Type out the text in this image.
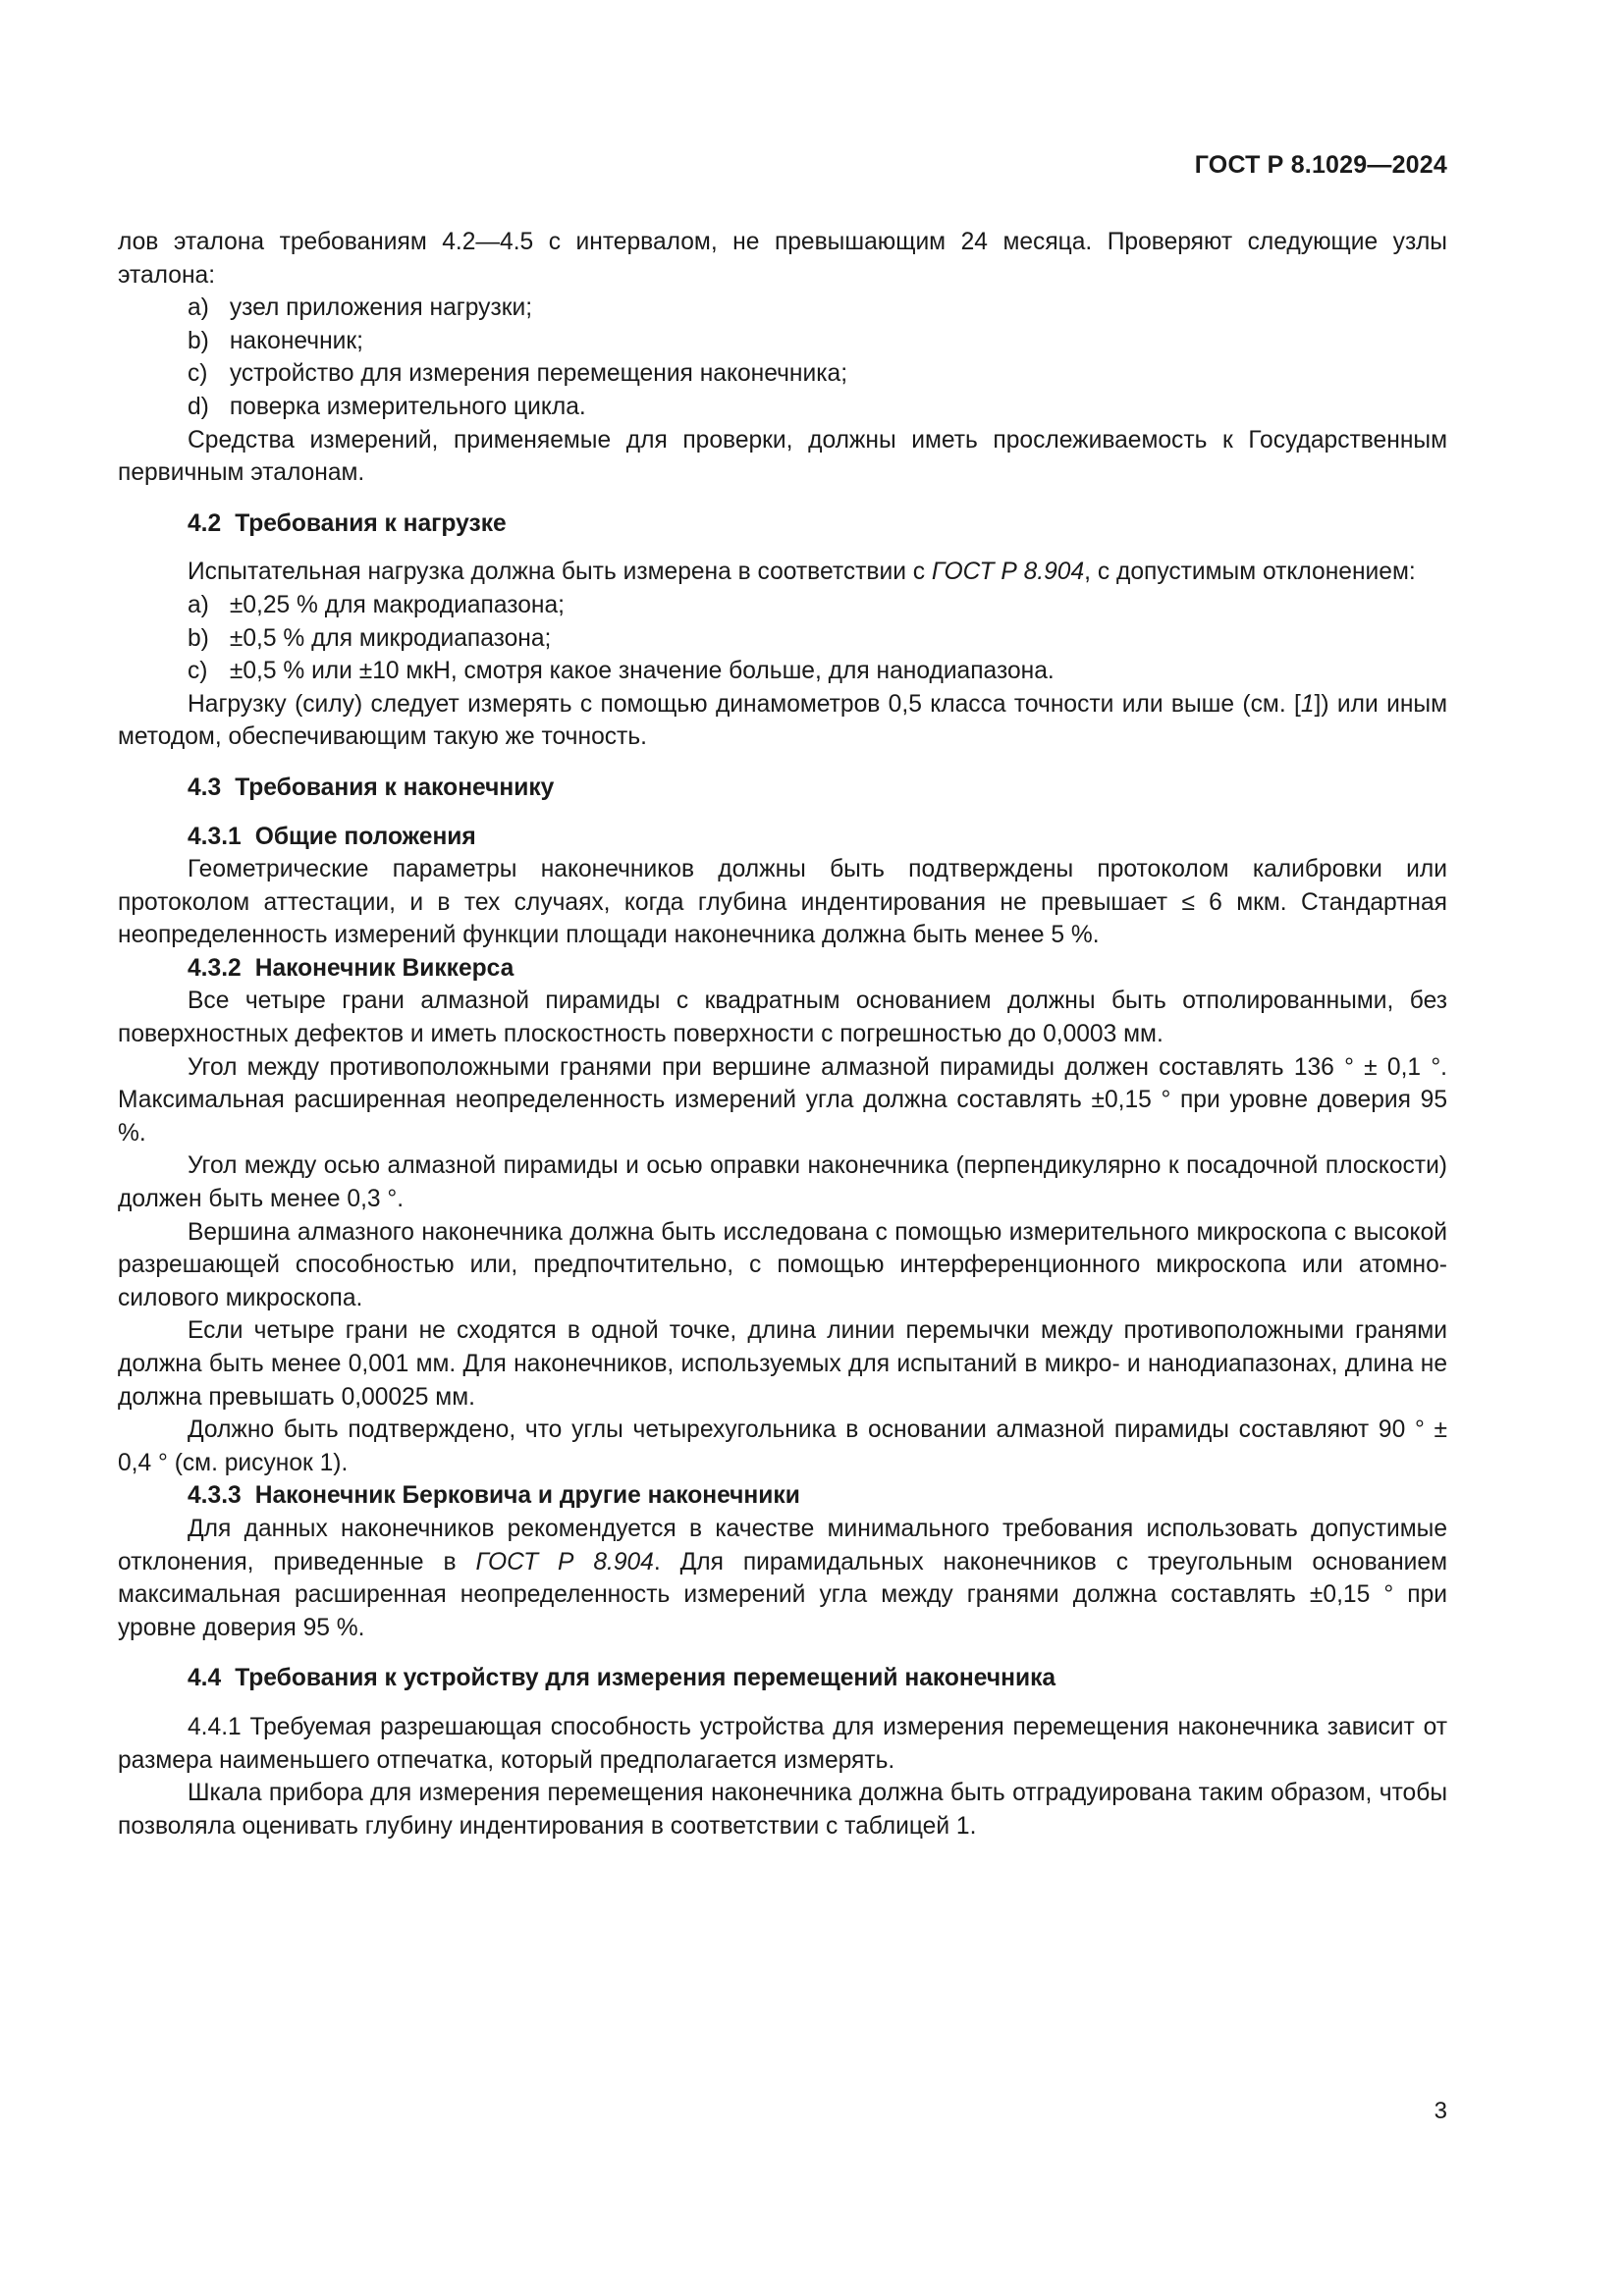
ГОСТ Р 8.1029—2024

лов эталона требованиям 4.2—4.5 с интервалом, не превышающим 24 месяца. Проверяют следующие узлы эталона:

a) узел приложения нагрузки;

b) наконечник;

c) устройство для измерения перемещения наконечника;

d) поверка измерительного цикла.

Средства измерений, применяемые для проверки, должны иметь прослеживаемость к Государственным первичным эталонам.

4.2 Требования к нагрузке

Испытательная нагрузка должна быть измерена в соответствии с ГОСТ Р 8.904, с допустимым отклонением:

a) ±0,25 % для макродиапазона;

b) ±0,5 % для микродиапазона;

c) ±0,5 % или ±10 мкН, смотря какое значение больше, для нанодиапазона.

Нагрузку (силу) следует измерять с помощью динамометров 0,5 класса точности или выше (см. [1]) или иным методом, обеспечивающим такую же точность.

4.3 Требования к наконечнику

4.3.1 Общие положения

Геометрические параметры наконечников должны быть подтверждены протоколом калибровки или протоколом аттестации, и в тех случаях, когда глубина индентирования не превышает ≤ 6 мкм. Стандартная неопределенность измерений функции площади наконечника должна быть менее 5 %.

4.3.2 Наконечник Виккерса

Все четыре грани алмазной пирамиды с квадратным основанием должны быть отполированными, без поверхностных дефектов и иметь плоскостность поверхности с погрешностью до 0,0003 мм.

Угол между противоположными гранями при вершине алмазной пирамиды должен составлять 136 ° ± 0,1 °. Максимальная расширенная неопределенность измерений угла должна составлять ±0,15 ° при уровне доверия 95 %.

Угол между осью алмазной пирамиды и осью оправки наконечника (перпендикулярно к посадочной плоскости) должен быть менее 0,3 °.

Вершина алмазного наконечника должна быть исследована с помощью измерительного микроскопа с высокой разрешающей способностью или, предпочтительно, с помощью интерференционного микроскопа или атомно-силового микроскопа.

Если четыре грани не сходятся в одной точке, длина линии перемычки между противоположными гранями должна быть менее 0,001 мм. Для наконечников, используемых для испытаний в микро- и нанодиапазонах, длина не должна превышать 0,00025 мм.

Должно быть подтверждено, что углы четырехугольника в основании алмазной пирамиды составляют 90 ° ± 0,4 ° (см. рисунок 1).

4.3.3 Наконечник Берковича и другие наконечники

Для данных наконечников рекомендуется в качестве минимального требования использовать допустимые отклонения, приведенные в ГОСТ Р 8.904. Для пирамидальных наконечников с треугольным основанием максимальная расширенная неопределенность измерений угла между гранями должна составлять ±0,15 ° при уровне доверия 95 %.

4.4 Требования к устройству для измерения перемещений наконечника

4.4.1 Требуемая разрешающая способность устройства для измерения перемещения наконечника зависит от размера наименьшего отпечатка, который предполагается измерять.

Шкала прибора для измерения перемещения наконечника должна быть отградуирована таким образом, чтобы позволяла оценивать глубину индентирования в соответствии с таблицей 1.

3
